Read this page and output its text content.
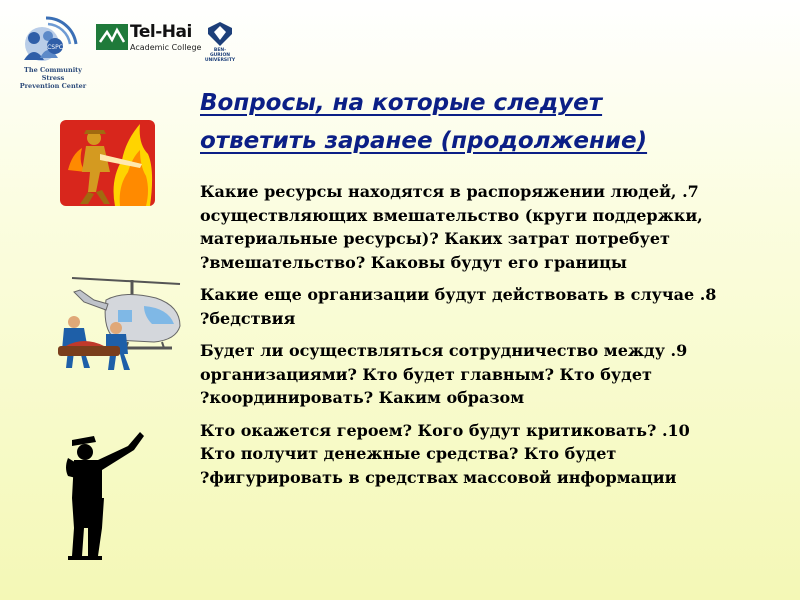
CSPC
The Community Stress
Prevention Center
Tel-Hai
Academic College	BEN-GURION
UNIVERSITY
Вопросы, на которые следует
ответить заранее (продолжение)
Какие ресурсы находятся в распоряжении людей, .7
осуществляющих вмешательство (круги поддержки,
материальные ресурсы)? Каких затрат потребует
?вмешательство? Каковы будут его границы
Какие еще организации будут действовать в случае .8
?бедствия
Будет ли осуществляться сотрудничество между .9
организациями? Кто будет главным? Кто будет
?координировать? Каким образом
Кто окажется героем? Кого будут критиковать? .10
Кто получит денежные средства? Кто будет
?фигурировать в средствах массовой информации
